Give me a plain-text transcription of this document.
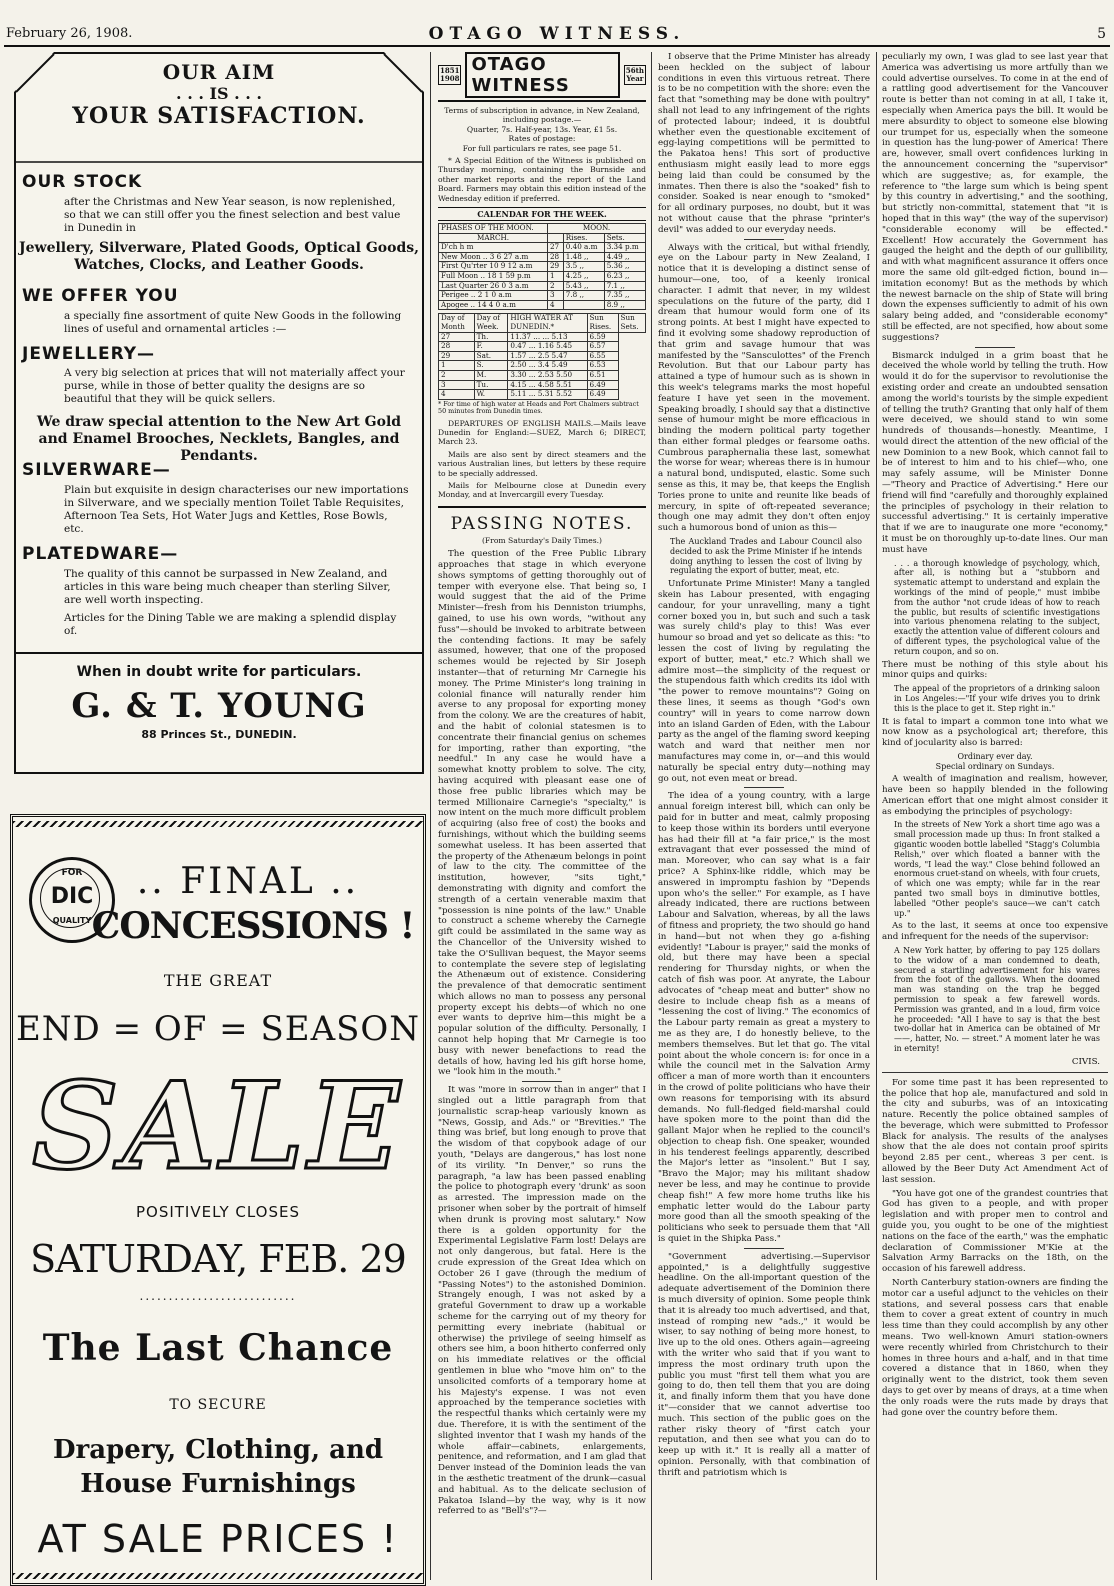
February 26, 1908.	OTAGO WITNESS.	5
OUR AIM
. . . IS . . .
YOUR SATISFACTION.
OUR STOCK
after the Christmas and New Year season, is now replenished, so that we can still offer you the finest selection and best value in Dunedin in
Jewellery, Silverware, Plated Goods, Optical Goods, Watches, Clocks, and Leather Goods.
WE OFFER YOU
a specially fine assortment of quite New Goods in the following lines of useful and ornamental articles :—
JEWELLERY—
A very big selection at prices that will not materially affect your purse, while in those of better quality the designs are so beautiful that they will be quick sellers.
We draw special attention to the New Art Gold and Enamel Brooches, Necklets, Bangles, and Pendants.
SILVERWARE—
Plain but exquisite in design characterises our new importations in Silverware, and we specially mention Toilet Table Requisites, Afternoon Tea Sets, Hot Water Jugs and Kettles, Rose Bowls, etc.
PLATEDWARE—
The quality of this cannot be surpassed in New Zealand, and articles in this ware being much cheaper than sterling Silver, are well worth inspecting.
Articles for the Dining Table we are making a splendid display of.
When in doubt write for particulars.
G. & T. YOUNG
88 Princes St., DUNEDIN.
FOR
DIC
QUALITY
.. FINAL ..
CONCESSIONS !
THE GREAT
END = OF = SEASON
SALE
POSITIVELY CLOSES
SATURDAY, FEB. 29
...........................
The Last Chance
TO SECURE
Drapery, Clothing, and House Furnishings
AT SALE PRICES !
1851
1908
OTAGO WITNESS
56th
Year
Terms of subscription in advance, in New Zealand, including postage.—
Quarter, 7s. Half-year, 13s. Year, £1 5s.
Rates of postage:
For full particulars re rates, see page 51.

* A Special Edition of the Witness is published on Thursday morning, containing the Burnside and other market reports and the report of the Land Board. Farmers may obtain this edition instead of the Wednesday edition if preferred.

CALENDAR FOR THE WEEK.
PHASES OF THE MOON.	MOON.		
MARCH.		Rises.	Sets.
D'ch h m	27	0.40 a.m	3.34 p.m
New Moon .. 3 6 27 a.m	28	1.48 ,,	4.49 ,,
First Qu'rter 10 9 12 a.m	29	3.5 ,,	5.36 ,,
Full Moon .. 18 1 59 p.m	1	4.25 ,,	6.23 ,,
Last Quarter 26 0 3 a.m	2	5.43 ,,	7.1 ,,
Perigee .. 2 1 0 a.m	3	7.8 ,,	7.35 ,,
Apogee .. 14 4 0 a.m	4		8.9 ,,
Day of Month	Day of Week.	HIGH WATER AT DUNEDIN.*	Sun Rises.	Sun Sets.
27	Th.	11.37 ... ... 5.13	6.59	
28	F.	0.47 ... 1.16 5.45	6.57	
29	Sat.	1.57 ... 2.5 5.47	6.55	
1	S.	2.50 ... 3.4 5.49	6.53	
2	M.	3.30 ... 2.53 5.50	6.51	
3	Tu.	4.15 ... 4.58 5.51	6.49	
4	W.	5.11 ... 5.31 5.52	6.49	
* For time of high water at Heads and Port Chalmers subtract 50 minutes from Dunedin times.

DEPARTURES OF ENGLISH MAILS.—Mails leave Dunedin for England:—SUEZ, March 6; DIRECT, March 23.

Mails are also sent by direct steamers and the various Australian lines, but letters by these require to be specially addressed.

Mails for Melbourne close at Dunedin every Monday, and at Invercargill every Tuesday.

PASSING NOTES.
(From Saturday's Daily Times.)

The question of the Free Public Library approaches that stage in which everyone shows symptoms of getting thoroughly out of temper with everyone else. That being so, I would suggest that the aid of the Prime Minister—fresh from his Denniston triumphs, gained, to use his own words, "without any fuss"—should be invoked to arbitrate between the contending factions. It may be safely assumed, however, that one of the proposed schemes would be rejected by Sir Joseph instanter—that of returning Mr Carnegie his money. The Prime Minister's long training in colonial finance will naturally render him averse to any proposal for exporting money from the colony. We are the creatures of habit, and the habit of colonial statesmen is to concentrate their financial genius on schemes for importing, rather than exporting, "the needful." In any case he would have a somewhat knotty problem to solve. The city, having acquired with pleasant ease one of those free public libraries which may be termed Millionaire Carnegie's "specialty," is now intent on the much more difficult problem of acquiring (also free of cost) the books and furnishings, without which the building seems somewhat useless. It has been asserted that the property of the Athenæum belongs in point of law to the city. The committee of the institution, however, "sits tight," demonstrating with dignity and comfort the strength of a certain venerable maxim that "possession is nine points of the law." Unable to construct a scheme whereby the Carnegie gift could be assimilated in the same way as the Chancellor of the University wished to take the O'Sullivan bequest, the Mayor seems to contemplate the severe step of legislating the Athenæum out of existence. Considering the prevalence of that democratic sentiment which allows no man to possess any personal property except his debts—of which no one ever wants to deprive him—this might be a popular solution of the difficulty. Personally, I cannot help hoping that Mr Carnegie is too busy with newer benefactions to read the details of how, having led his gift horse home, we "look him in the mouth."

It was "more in sorrow than in anger" that I singled out a little paragraph from that journalistic scrap-heap variously known as "News, Gossip, and Ads." or "Brevities." The thing was brief, but long enough to prove that the wisdom of that copybook adage of our youth, "Delays are dangerous," has lost none of its virility. "In Denver," so runs the paragraph, "a law has been passed enabling the police to photograph every 'drunk' as soon as arrested. The impression made on the prisoner when sober by the portrait of himself when drunk is proving most salutary." Now there is a golden opportunity for the Experimental Legislative Farm lost! Delays are not only dangerous, but fatal. Here is the crude expression of the Great Idea which on October 26 I gave (through the medium of "Passing Notes") to the astonished Dominion. Strangely enough, I was not asked by a grateful Government to draw up a workable scheme for the carrying out of my theory for permitting every inebriate (habitual or otherwise) the privilege of seeing himself as others see him, a boon hitherto conferred only on his immediate relatives or the official gentlemen in blue who "move him on" to the unsolicited comforts of a temporary home at his Majesty's expense. I was not even approached by the temperance societies with the respectful thanks which certainly were my due. Therefore, it is with the sentiment of the slighted inventor that I wash my hands of the whole affair—cabinets, enlargements, penitence, and reformation, and I am glad that Denver instead of the Dominion leads the van in the æsthetic treatment of the drunk—casual and habitual. As to the delicate seclusion of Pakatoa Island—by the way, why is it now referred to as "Bell's"?—

I observe that the Prime Minister has already been heckled on the subject of labour conditions in even this virtuous retreat. There is to be no competition with the shore: even the fact that "something may be done with poultry" shall not lead to any infringement of the rights of protected labour; indeed, it is doubtful whether even the questionable excitement of egg-laying competitions will be permitted to the Pakatoa hens! This sort of productive enthusiasm might easily lead to more eggs being laid than could be consumed by the inmates. Then there is also the "soaked" fish to consider. Soaked is near enough to "smoked" for all ordinary purposes, no doubt, but it was not without cause that the phrase "printer's devil" was added to our everyday needs.

Always with the critical, but withal friendly, eye on the Labour party in New Zealand, I notice that it is developing a distinct sense of humour—one, too, of a keenly ironical character. I admit that never, in my wildest speculations on the future of the party, did I dream that humour would form one of its strong points. At best I might have expected to find it evolving some shadowy reproduction of that grim and savage humour that was manifested by the "Sansculottes" of the French Revolution. But that our Labour party has attained a type of humour such as is shown in this week's telegrams marks the most hopeful feature I have yet seen in the movement. Speaking broadly, I should say that a distinctive sense of humour might be more efficacious in binding the modern political party together than either formal pledges or fearsome oaths. Cumbrous paraphernalia these last, somewhat the worse for wear; whereas there is in humour a natural bond, undisputed, elastic. Some such sense as this, it may be, that keeps the English Tories prone to unite and reunite like beads of mercury, in spite of oft-repeated severance; though one may admit they don't often enjoy such a humorous bond of union as this—

The Auckland Trades and Labour Council also decided to ask the Prime Minister if he intends doing anything to lessen the cost of living by regulating the export of butter, meat, etc.

Unfortunate Prime Minister! Many a tangled skein has Labour presented, with engaging candour, for your unravelling, many a tight corner boxed you in, but such and such a task was surely child's play to this! Was ever humour so broad and yet so delicate as this: "to lessen the cost of living by regulating the export of butter, meat," etc.? Which shall we admire most—the simplicity of the request or the stupendous faith which credits its idol with "the power to remove mountains"? Going on these lines, it seems as though "God's own country" will in years to come narrow down into an island Garden of Eden, with the Labour party as the angel of the flaming sword keeping watch and ward that neither men nor manufactures may come in, or—and this would naturally be special entry duty—nothing may go out, not even meat or bread.

The idea of a young country, with a large annual foreign interest bill, which can only be paid for in butter and meat, calmly proposing to keep those within its borders until everyone has had their fill at "a fair price," is the most extravagant that ever possessed the mind of man. Moreover, who can say what is a fair price? A Sphinx-like riddle, which may be answered in impromptu fashion by "Depends upon who's the seller." For example, as I have already indicated, there are ructions between Labour and Salvation, whereas, by all the laws of fitness and propriety, the two should go hand in hand—but not when they go a-fishing evidently! "Labour is prayer," said the monks of old, but there may have been a special rendering for Thursday nights, or when the catch of fish was poor. At anyrate, the Labour advocates of "cheap meat and butter" show no desire to include cheap fish as a means of "lessening the cost of living." The economics of the Labour party remain as great a mystery to me as they are, I do honestly believe, to the members themselves. But let that go. The vital point about the whole concern is: for once in a while the council met in the Salvation Army officer a man of more worth than it encounters in the crowd of polite politicians who have their own reasons for temporising with its absurd demands. No full-fledged field-marshal could have spoken more to the point than did the gallant Major when he replied to the council's objection to cheap fish. One speaker, wounded in his tenderest feelings apparently, described the Major's letter as "insolent." But I say, "Bravo the Major; may his militant shadow never be less, and may he continue to provide cheap fish!" A few more home truths like his emphatic letter would do the Labour party more good than all the smooth speaking of the politicians who seek to persuade them that "All is quiet in the Shipka Pass."

"Government advertising.—Supervisor appointed," is a delightfully suggestive headline. On the all-important question of the adequate advertisement of the Dominion there is much diversity of opinion. Some people think that it is already too much advertised, and that, instead of romping new "ads.," it would be wiser, to say nothing of being more honest, to live up to the old ones. Others again—agreeing with the writer who said that if you want to impress the most ordinary truth upon the public you must "first tell them what you are going to do, then tell them that you are doing it, and finally inform them that you have done it"—consider that we cannot advertise too much. This section of the public goes on the rather risky theory of "first catch your reputation, and then see what you can do to keep up with it." It is really all a matter of opinion. Personally, with that combination of thrift and patriotism which is

peculiarly my own, I was glad to see last year that America was advertising us more artfully than we could advertise ourselves. To come in at the end of a rattling good advertisement for the Vancouver route is better than not coming in at all, I take it, especially when America pays the bill. It would be mere absurdity to object to someone else blowing our trumpet for us, especially when the someone in question has the lung-power of America! There are, however, small overt confidences lurking in the announcement concerning the "supervisor" which are suggestive; as, for example, the reference to "the large sum which is being spent by this country in advertising," and the soothing, but strictly non-committal, statement that "it is hoped that in this way" (the way of the supervisor) "considerable economy will be effected." Excellent! How accurately the Government has gauged the height and the depth of our gullibility, and with what magnificent assurance it offers once more the same old gilt-edged fiction, bound in—imitation economy! But as the methods by which the newest barnacle on the ship of State will bring down the expenses sufficiently to admit of his own salary being added, and "considerable economy" still be effected, are not specified, how about some suggestions?

Bismarck indulged in a grim boast that he deceived the whole world by telling the truth. How would it do for the supervisor to revolutionise the existing order and create an undoubted sensation among the world's tourists by the simple expedient of telling the truth? Granting that only half of them were deceived, we should stand to win some hundreds of thousands—honestly. Meantime, I would direct the attention of the new official of the new Dominion to a new Book, which cannot fail to be of interest to him and to his chief—who, one may safely assume, will be Minister Donne—"Theory and Practice of Advertising." Here our friend will find "carefully and thoroughly explained the principles of psychology in their relation to successful advertising." It is certainly imperative that if we are to inaugurate one more "economy," it must be on thoroughly up-to-date lines. Our man must have

. . . a thorough knowledge of psychology, which, after all, is nothing but a "stubborn and systematic attempt to understand and explain the workings of the mind of people," must imbibe from the author "not crude ideas of how to reach the public, but results of scientific investigations into various phenomena relating to the subject, exactly the attention value of different colours and of different types, the psychological value of the return coupon, and so on.

There must be nothing of this style about his minor quips and quirks:

The appeal of the proprietors of a drinking saloon in Los Angeles:—"If your wife drives you to drink this is the place to get it. Step right in."

It is fatal to impart a common tone into what we now know as a psychological art; therefore, this kind of jocularity also is barred:

Ordinary ever day.
Special ordinary on Sundays.

A wealth of imagination and realism, however, have been so happily blended in the following American effort that one might almost consider it as embodying the principles of psychology:

In the streets of New York a short time ago was a small procession made up thus: In front stalked a gigantic wooden bottle labelled "Stagg's Columbia Relish," over which floated a banner with the words, "I lead the way." Close behind followed an enormous cruet-stand on wheels, with four cruets, of which one was empty; while far in the rear panted two small boys in diminutive bottles, labelled "Other people's sauce—we can't catch up."

As to the last, it seems at once too expensive and infrequent for the needs of the supervisor:

A New York hatter, by offering to pay 125 dollars to the widow of a man condemned to death, secured a startling advertisement for his wares from the foot of the gallows. When the doomed man was standing on the trap he begged permission to speak a few farewell words. Permission was granted, and in a loud, firm voice he proceeded: "All I have to say is that the best two-dollar hat in America can be obtained of Mr ——, hatter, No. — street." A moment later he was in eternity!
CIVIS.

For some time past it has been represented to the police that hop ale, manufactured and sold in the city and suburbs, was of an intoxicating nature. Recently the police obtained samples of the beverage, which were submitted to Professor Black for analysis. The results of the analyses show that the ale does not contain proof spirits beyond 2.85 per cent., whereas 3 per cent. is allowed by the Beer Duty Act Amendment Act of last session.

"You have got one of the grandest countries that God has given to a people, and with proper legislation and with proper men to control and guide you, you ought to be one of the mightiest nations on the face of the earth," was the emphatic declaration of Commissioner M'Kie at the Salvation Army Barracks on the 18th, on the occasion of his farewell address.

North Canterbury station-owners are finding the motor car a useful adjunct to the vehicles on their stations, and several possess cars that enable them to cover a great extent of country in much less time than they could accomplish by any other means. Two well-known Amuri station-owners were recently whirled from Christchurch to their homes in three hours and a-half, and in that time covered a distance that in 1860, when they originally went to the district, took them seven days to get over by means of drays, at a time when the only roads were the ruts made by drays that had gone over the country before them.
